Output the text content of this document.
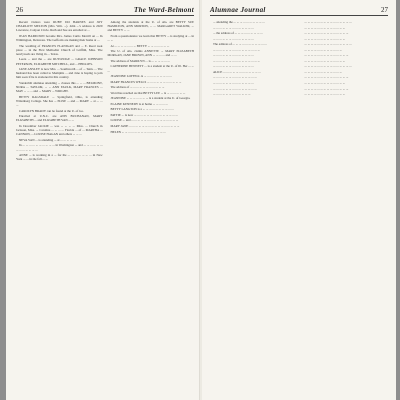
26	The Ward-Belmont

Recent visitors were RUBY DO BARNES and JOY CHARLOTT MELTON (Mrs. Wm. ...). John ...'s address is 2029 Lawrence, Canyon Circle. Ruth and Sue are enrolled at ...

JEAN HAMILTON became Mrs. James Curtis Merrill on ... In Wilmington, Delaware. The Gaffords are making their home at ...

The wedding of FRANCES FLANIGAN and ... E. Reed took place ... in the First Methodist Church of Griffith, Miss. The newlyweds are living in ... Texas.

Leota ... and the ... are RUTLEDGE ... GRACE JOHNSON PETERSON, ELIZABETH MITCHELL, and ... PHILLIPS.

JANE ANSLEY is now Mrs. ... Southworth ... of ... Tenn. ... The husband has been called to Memphis ... and Jane is hoping to join him soon if he is stationed in this country.

Vanderbilt alumnae attending ... classes this ... ... ... BELMONT, NORA ... TAYLOR, ... ... ANN FAULK, MARY FRANCES ... MAY ... ... ... and ... MARY ... WRIGHT.

BETTY RAGSDALE ... Springfield, Ohio, is attending Wittenberg College. She has ... ELISE ... and ... MARY ... at ... ... ...

CAROLYN BRADY can be found at the U. of Ga.

Enrolled at U.N.C. are ANN BUCHANAN, MARY ELIZABETH ... and ELIZABETH VAN ... ...

In December JACKIE ... was ... ... ... ... Miss. ... Church in Jackson, Miss. ... Carolina ... ... ... ... Florida ... of ... MARTHA ... CANNON, ... LOUISE HAGAN and others ... ... ...

NEVA VAN ... is attending ... at ... ... ... ... ...

In ... ... ... ... ... ... ... ... ... ... in Washington ... and ... ... ... ... ... ... ... ... ... ... ... ... ...

ANNE ... is working in a ... for the ... ... ... ... ... ... ... in New York ... ... in the fall ... ...

Among the students at the U. of Ala. are BETTY SUE HAMILTON, ANN MORTON, ... ... MARGARET WALKER, ... and BETTY ... ...

From a questionnaire we learn that BETTY ... is studying at ... in ... ...

At ... ... ... ... ... ... ... BETTY ... ... ... ... ... ... ...

The U. of Ala. claims ANNETTE ... MARY ELIZABETH MORGAN, JANE BROWN, ANN ... ... ... ... and ... ...

The address of MARILYN ... is ... ... ... ... ... ...

CATHERINE BENNETT ... is a student at the U. of Ill. Her ... ... ...

JEANNINE LOFFELL is ... ... ... ... ... ... ... ... ...

MARY FRANCES WELLS ... ... ... ... ... ... ... ... ... ... ...

The address of ... ... ... ... ... ... ... ... ... ... ...

Word has reached us that BETTY LEE ... is ... ... ... ... ... ...

JEANNINE ... ... ... ... ... ... ... is a student at the U. of Georgia.

ELAINE KENNEDY is at home ... ... ... ... ...

BETTY LANGTON is a ... ... ... ... ... ... ... ... ... ...

PATTIE ... is now ... ... ... ... ... ... ... ... ... ... ... ... ... ...

LOUISE ... and ... ... ... ... ... ... ... ... ... ... ... ... ... ... ...

MARY JANE ... ... ... ... ... ... ... ... ... ... ... ... ... ... ... ...

HELEN ... ... ... ... ... ... ... ... ... ... ... ... ... ...

Alumnae Journal	27

... attending the ... ... ... ... ... ... ... ... ... ...

... ... ... ... ... ... ... ... ... ... ... ... ...

... the address of ... ... ... ... ... ... ... ... ...

... ... ... ... ... ... ... ... ... ... ... ... ...

The address of ... ... ... ... ... ... ... ... ... ... ...

... ... ... ... ... ... ... ... ... ... ... ... ... ... ...

... ... ... ... ... ... ... ... ... ... ... ... ...

... ... ... ... ... ... ... ... ... ... ... ... ... ... ...

... ... ... ... ... ... ... ... ... ... ... ... ...

ALICE ... ... ... ... ... ... ... ... ... ... ... ...

... ... ... ... ... ... ... ... ... ... ... ... ... ...

... ... ... ... ... ... ... ... ... ... ... ... ...

... ... ... ... ... ... ... ... ... ... ... ... ... ...

... ... ... ... ... ... ... ... ... ... ... ...

... ... ... ... ... ... ... ... ... ... ... ... ... ... ...

... ... ... ... ... ... ... ... ... ... ... ... ...

... ... ... ... ... ... ... ... ... ... ... ... ... ...

... ... ... ... ... ... ... ... ... ... ... ... ...

... ... ... ... ... ... ... ... ... ... ... ... ... ... ...

... ... ... ... ... ... ... ... ... ... ... ...

... ... ... ... ... ... ... ... ... ... ... ... ... ...

... ... ... ... ... ... ... ... ... ... ... ... ...

... ... ... ... ... ... ... ... ... ... ... ... ... ... ...

... ... ... ... ... ... ... ... ... ... ... ...

... ... ... ... ... ... ... ... ... ... ... ... ... ...

... ... ... ... ... ... ... ... ... ... ... ... ...

... ... ... ... ... ... ... ... ... ... ... ... ... ...

... ... ... ... ... ... ... ... ... ... ... ... ...
